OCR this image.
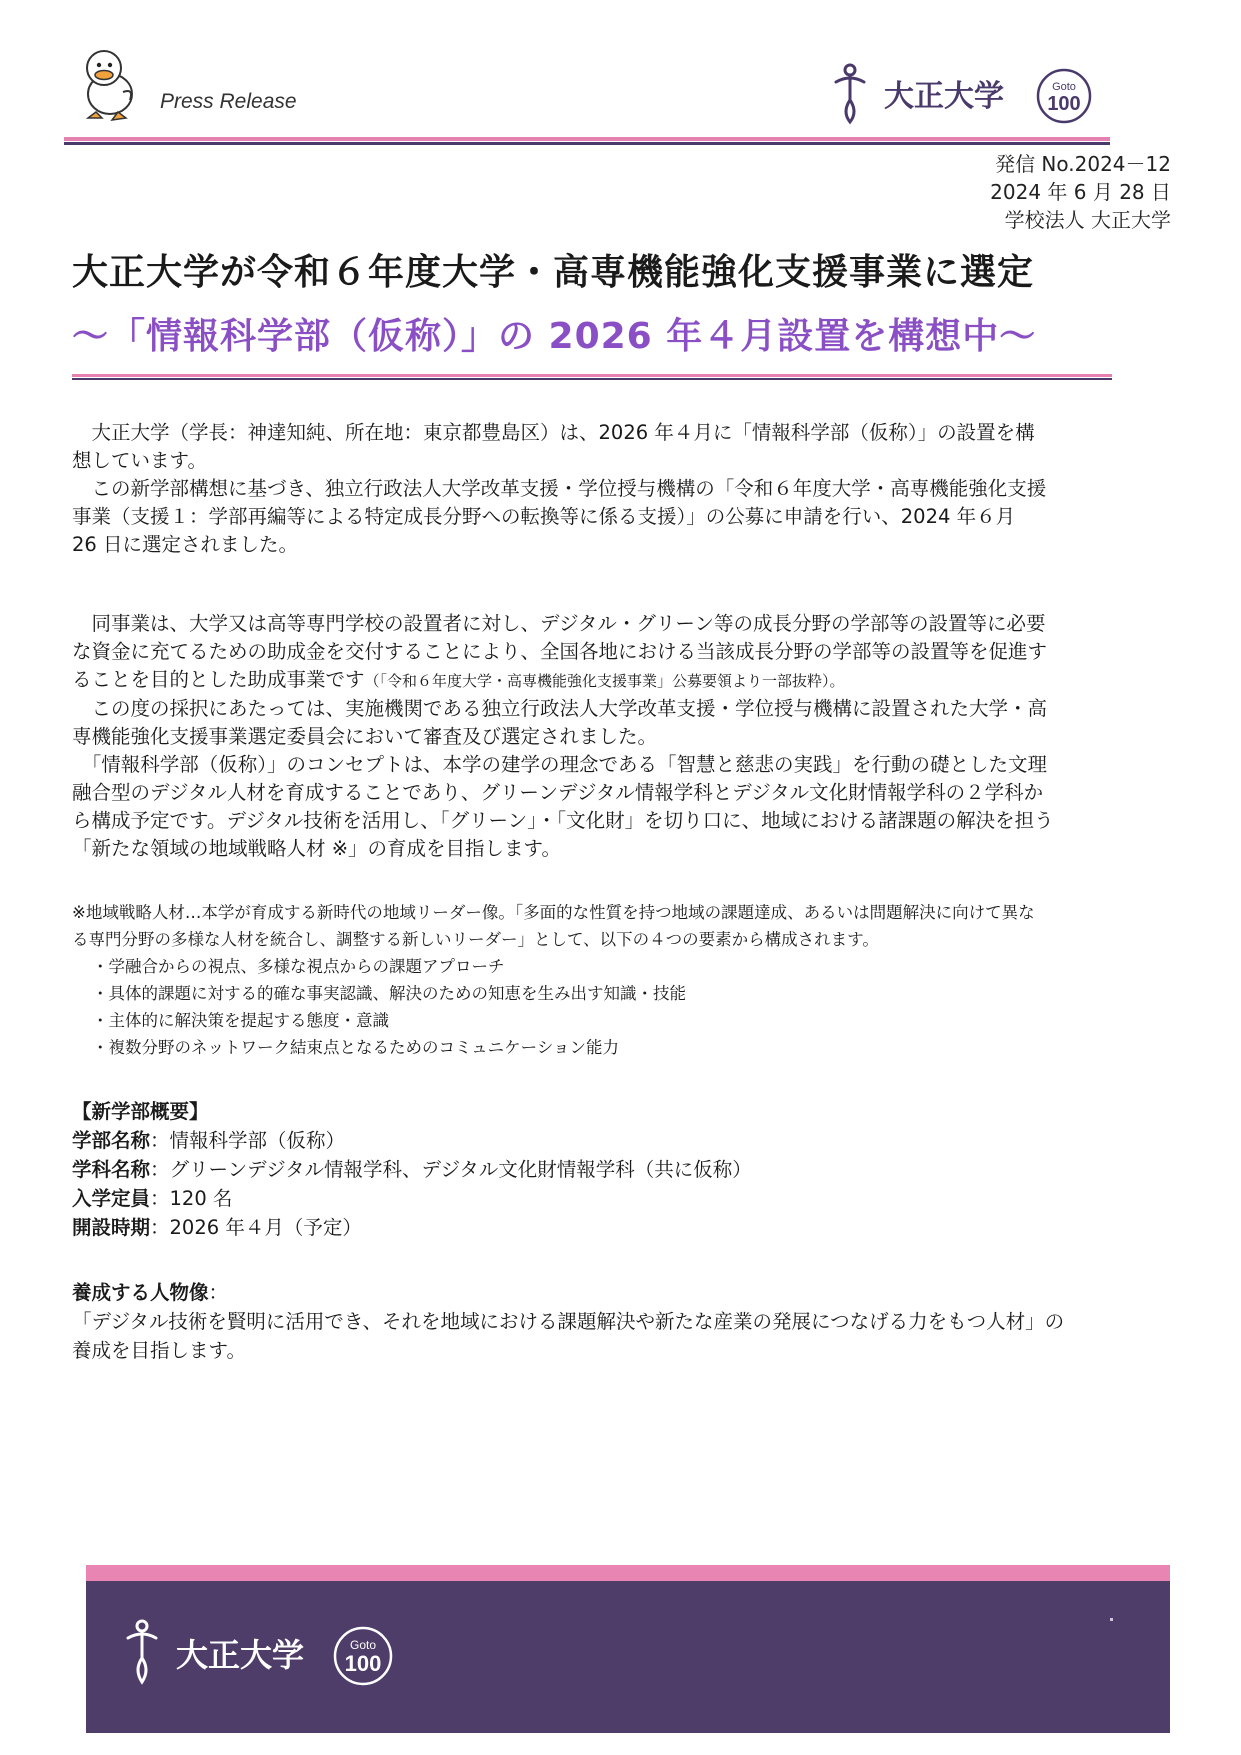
Press Release	大正大学	Goto
100
発信 No.2024－12
2024 年 6 月 28 日
学校法人 大正大学
大正大学が令和６年度大学・高専機能強化支援事業に選定
～「情報科学部（仮称）」の 2026 年４月設置を構想中～

　大正大学（学長：神達知純、所在地：東京都豊島区）は、2026 年４月に「情報科学部（仮称）」の設置を構

想しています。

　この新学部構想に基づき、独立行政法人大学改革支援・学位授与機構の「令和６年度大学・高専機能強化支援

事業（支援１：学部再編等による特定成長分野への転換等に係る支援）」の公募に申請を行い、2024 年６月

26 日に選定されました。

　同事業は、大学又は高等専門学校の設置者に対し、デジタル・グリーン等の成長分野の学部等の設置等に必要

な資金に充てるための助成金を交付することにより、全国各地における当該成長分野の学部等の設置等を促進す

ることを目的とした助成事業です（「令和６年度大学・高専機能強化支援事業」公募要領より一部抜粋）。

　この度の採択にあたっては、実施機関である独立行政法人大学改革支援・学位授与機構に設置された大学・高

専機能強化支援事業選定委員会において審査及び選定されました。

　「情報科学部（仮称）」のコンセプトは、本学の建学の理念である「智慧と慈悲の実践」を行動の礎とした文理

融合型のデジタル人材を育成することであり、グリーンデジタル情報学科とデジタル文化財情報学科の２学科か

ら構成予定です。デジタル技術を活用し、「グリーン」・「文化財」を切り口に、地域における諸課題の解決を担う

「新たな領域の地域戦略人材 ※」の育成を目指します。

※地域戦略人材…本学が育成する新時代の地域リーダー像。「多面的な性質を持つ地域の課題達成、あるいは問題解決に向けて異な

る専門分野の多様な人材を統合し、調整する新しいリーダー」として、以下の４つの要素から構成されます。

・学融合からの視点、多様な視点からの課題アプローチ
・具体的課題に対する的確な事実認識、解決のための知恵を生み出す知識・技能
・主体的に解決策を提起する態度・意識
・複数分野のネットワーク結束点となるためのコミュニケーション能力
【新学部概要】
学部名称：情報科学部（仮称）
学科名称：グリーンデジタル情報学科、デジタル文化財情報学科（共に仮称）
入学定員：120 名
開設時期：2026 年４月（予定）
養成する人物像：
「デジタル技術を賢明に活用でき、それを地域における課題解決や新たな産業の発展につなげる力をもつ人材」の
養成を目指します。
大正大学	Goto
100
